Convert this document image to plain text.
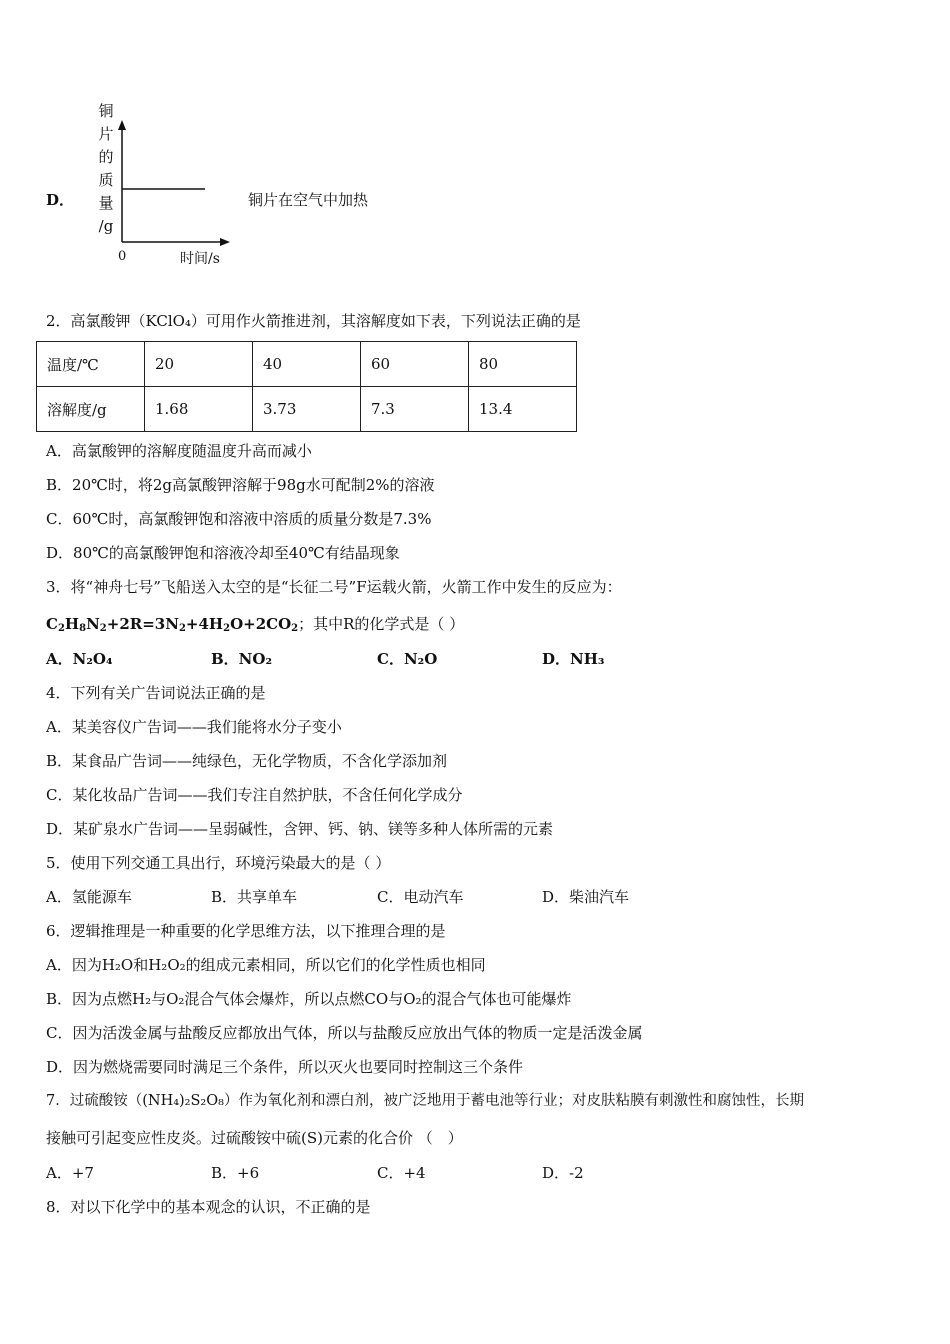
D．
铜
片
的
质
量
/g
0	时间/s
铜片在空气中加热
2．高氯酸钾（KClO₄）可用作火箭推进剂，其溶解度如下表，下列说法正确的是
温度/℃	20	40	60	80
溶解度/g	1.68	3.73	7.3	13.4
A．高氯酸钾的溶解度随温度升高而减小
B．20℃时，将2g高氯酸钾溶解于98g水可配制2%的溶液
C．60℃时，高氯酸钾饱和溶液中溶质的质量分数是7.3%
D．80℃的高氯酸钾饱和溶液冷却至40℃有结晶现象
3．将“神舟七号”飞船送入太空的是“长征二号”F运载火箭，火箭工作中发生的反应为：
$C_2H_8N_2+2R=3N_2+4H_2O+2CO_2$；其中R的化学式是（ ）
A．N₂O₄	B．NO₂	C．N₂O	D．NH₃
4．下列有关广告词说法正确的是
A．某美容仪广告词——我们能将水分子变小
B．某食品广告词——纯绿色，无化学物质，不含化学添加剂
C．某化妆品广告词——我们专注自然护肤，不含任何化学成分
D．某矿泉水广告词——呈弱碱性，含钾、钙、钠、镁等多种人体所需的元素
5．使用下列交通工具出行，环境污染最大的是（ ）
A．氢能源车	B．共享单车	C．电动汽车	D．柴油汽车
6．逻辑推理是一种重要的化学思维方法，以下推理合理的是
A．因为H₂O和H₂O₂的组成元素相同，所以它们的化学性质也相同
B．因为点燃H₂与O₂混合气体会爆炸，所以点燃CO与O₂的混合气体也可能爆炸
C．因为活泼金属与盐酸反应都放出气体，所以与盐酸反应放出气体的物质一定是活泼金属
D．因为燃烧需要同时满足三个条件，所以灭火也要同时控制这三个条件
7．过硫酸铵（(NH₄)₂S₂O₈）作为氧化剂和漂白剂，被广泛地用于蓄电池等行业；对皮肤粘膜有刺激性和腐蚀性，长期
接触可引起变应性皮炎。过硫酸铵中硫(S)元素的化合价 （　）
A．+7	B．+6	C．+4	D．-2
8．对以下化学中的基本观念的认识，不正确的是
